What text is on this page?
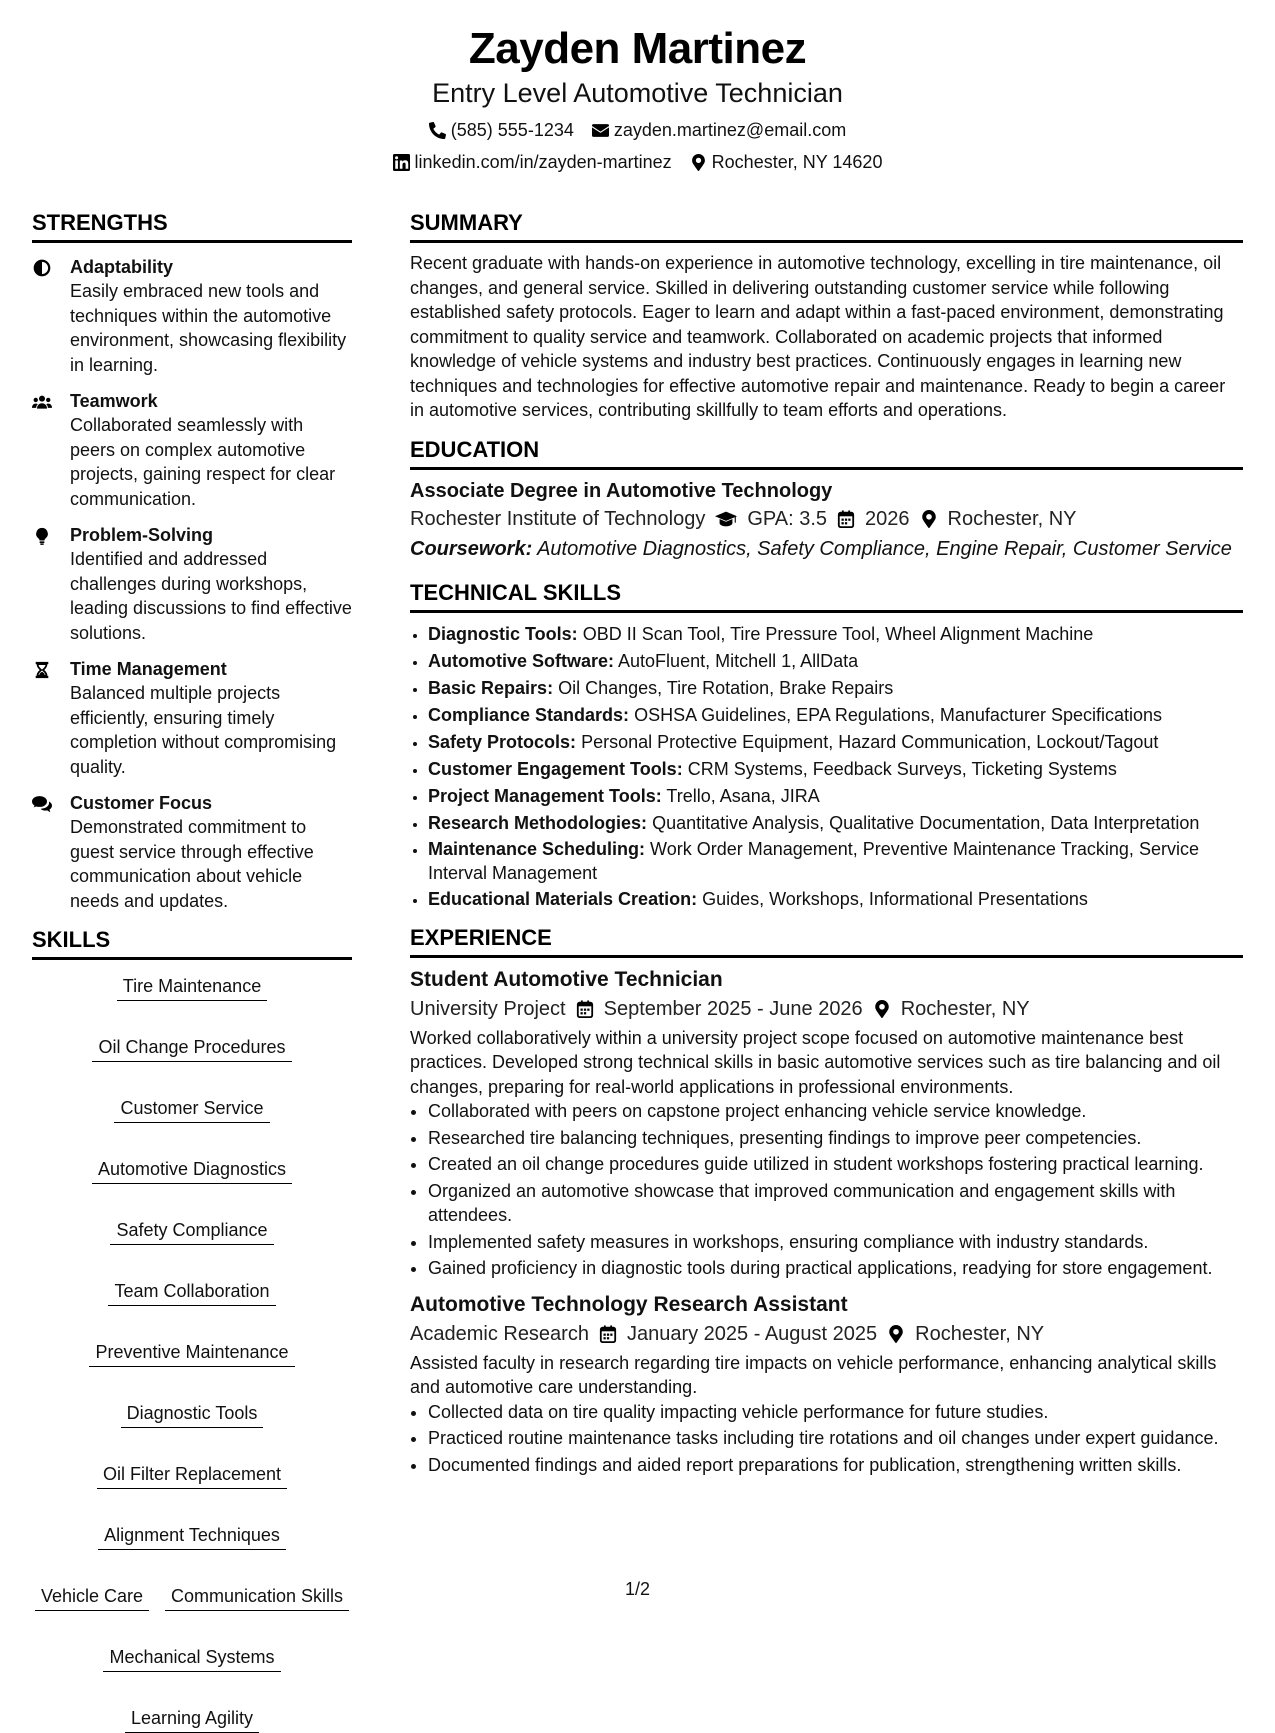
Zayden Martinez
Entry Level Automotive Technician
(585) 555-1234 zayden.martinez@email.com
linkedin.com/in/zayden-martinez Rochester, NY 14620
STRENGTHS
Adaptability
Easily embraced new tools and techniques within the automotive environment, showcasing flexibility in learning.
Teamwork
Collaborated seamlessly with peers on complex automotive projects, gaining respect for clear communication.
Problem-Solving
Identified and addressed challenges during workshops, leading discussions to find effective solutions.
Time Management
Balanced multiple projects efficiently, ensuring timely completion without compromising quality.
Customer Focus
Demonstrated commitment to guest service through effective communication about vehicle needs and updates.
SKILLS
Tire Maintenance
Oil Change Procedures
Customer Service
Automotive Diagnostics
Safety Compliance
Team Collaboration
Preventive Maintenance
Diagnostic Tools
Oil Filter Replacement
Alignment Techniques
Vehicle Care	Communication Skills
Mechanical Systems
Learning Agility
SUMMARY
Recent graduate with hands-on experience in automotive technology, excelling in tire maintenance, oil changes, and general service. Skilled in delivering outstanding customer service while following established safety protocols. Eager to learn and adapt within a fast-paced environment, demonstrating commitment to quality service and teamwork. Collaborated on academic projects that informed knowledge of vehicle systems and industry best practices. Continuously engages in learning new techniques and technologies for effective automotive repair and maintenance. Ready to begin a career in automotive services, contributing skillfully to team efforts and operations.
EDUCATION
Associate Degree in Automotive Technology
Rochester Institute of Technology GPA: 3.5 2026 Rochester, NY
Coursework: Automotive Diagnostics, Safety Compliance, Engine Repair, Customer Service
TECHNICAL SKILLS
• Diagnostic Tools: OBD II Scan Tool, Tire Pressure Tool, Wheel Alignment Machine
• Automotive Software: AutoFluent, Mitchell 1, AllData
• Basic Repairs: Oil Changes, Tire Rotation, Brake Repairs
• Compliance Standards: OSHSA Guidelines, EPA Regulations, Manufacturer Specifications
• Safety Protocols: Personal Protective Equipment, Hazard Communication, Lockout/Tagout
• Customer Engagement Tools: CRM Systems, Feedback Surveys, Ticketing Systems
• Project Management Tools: Trello, Asana, JIRA
• Research Methodologies: Quantitative Analysis, Qualitative Documentation, Data Interpretation
• Maintenance Scheduling: Work Order Management, Preventive Maintenance Tracking, Service Interval Management
• Educational Materials Creation: Guides, Workshops, Informational Presentations
EXPERIENCE
Student Automotive Technician
University Project September 2025 - June 2026 Rochester, NY
Worked collaboratively within a university project scope focused on automotive maintenance best practices. Developed strong technical skills in basic automotive services such as tire balancing and oil changes, preparing for real-world applications in professional environments.
• Collaborated with peers on capstone project enhancing vehicle service knowledge.
• Researched tire balancing techniques, presenting findings to improve peer competencies.
• Created an oil change procedures guide utilized in student workshops fostering practical learning.
• Organized an automotive showcase that improved communication and engagement skills with attendees.
• Implemented safety measures in workshops, ensuring compliance with industry standards.
• Gained proficiency in diagnostic tools during practical applications, readying for store engagement.
Automotive Technology Research Assistant
Academic Research January 2025 - August 2025 Rochester, NY
Assisted faculty in research regarding tire impacts on vehicle performance, enhancing analytical skills and automotive care understanding.
• Collected data on tire quality impacting vehicle performance for future studies.
• Practiced routine maintenance tasks including tire rotations and oil changes under expert guidance.
• Documented findings and aided report preparations for publication, strengthening written skills.
1/2
